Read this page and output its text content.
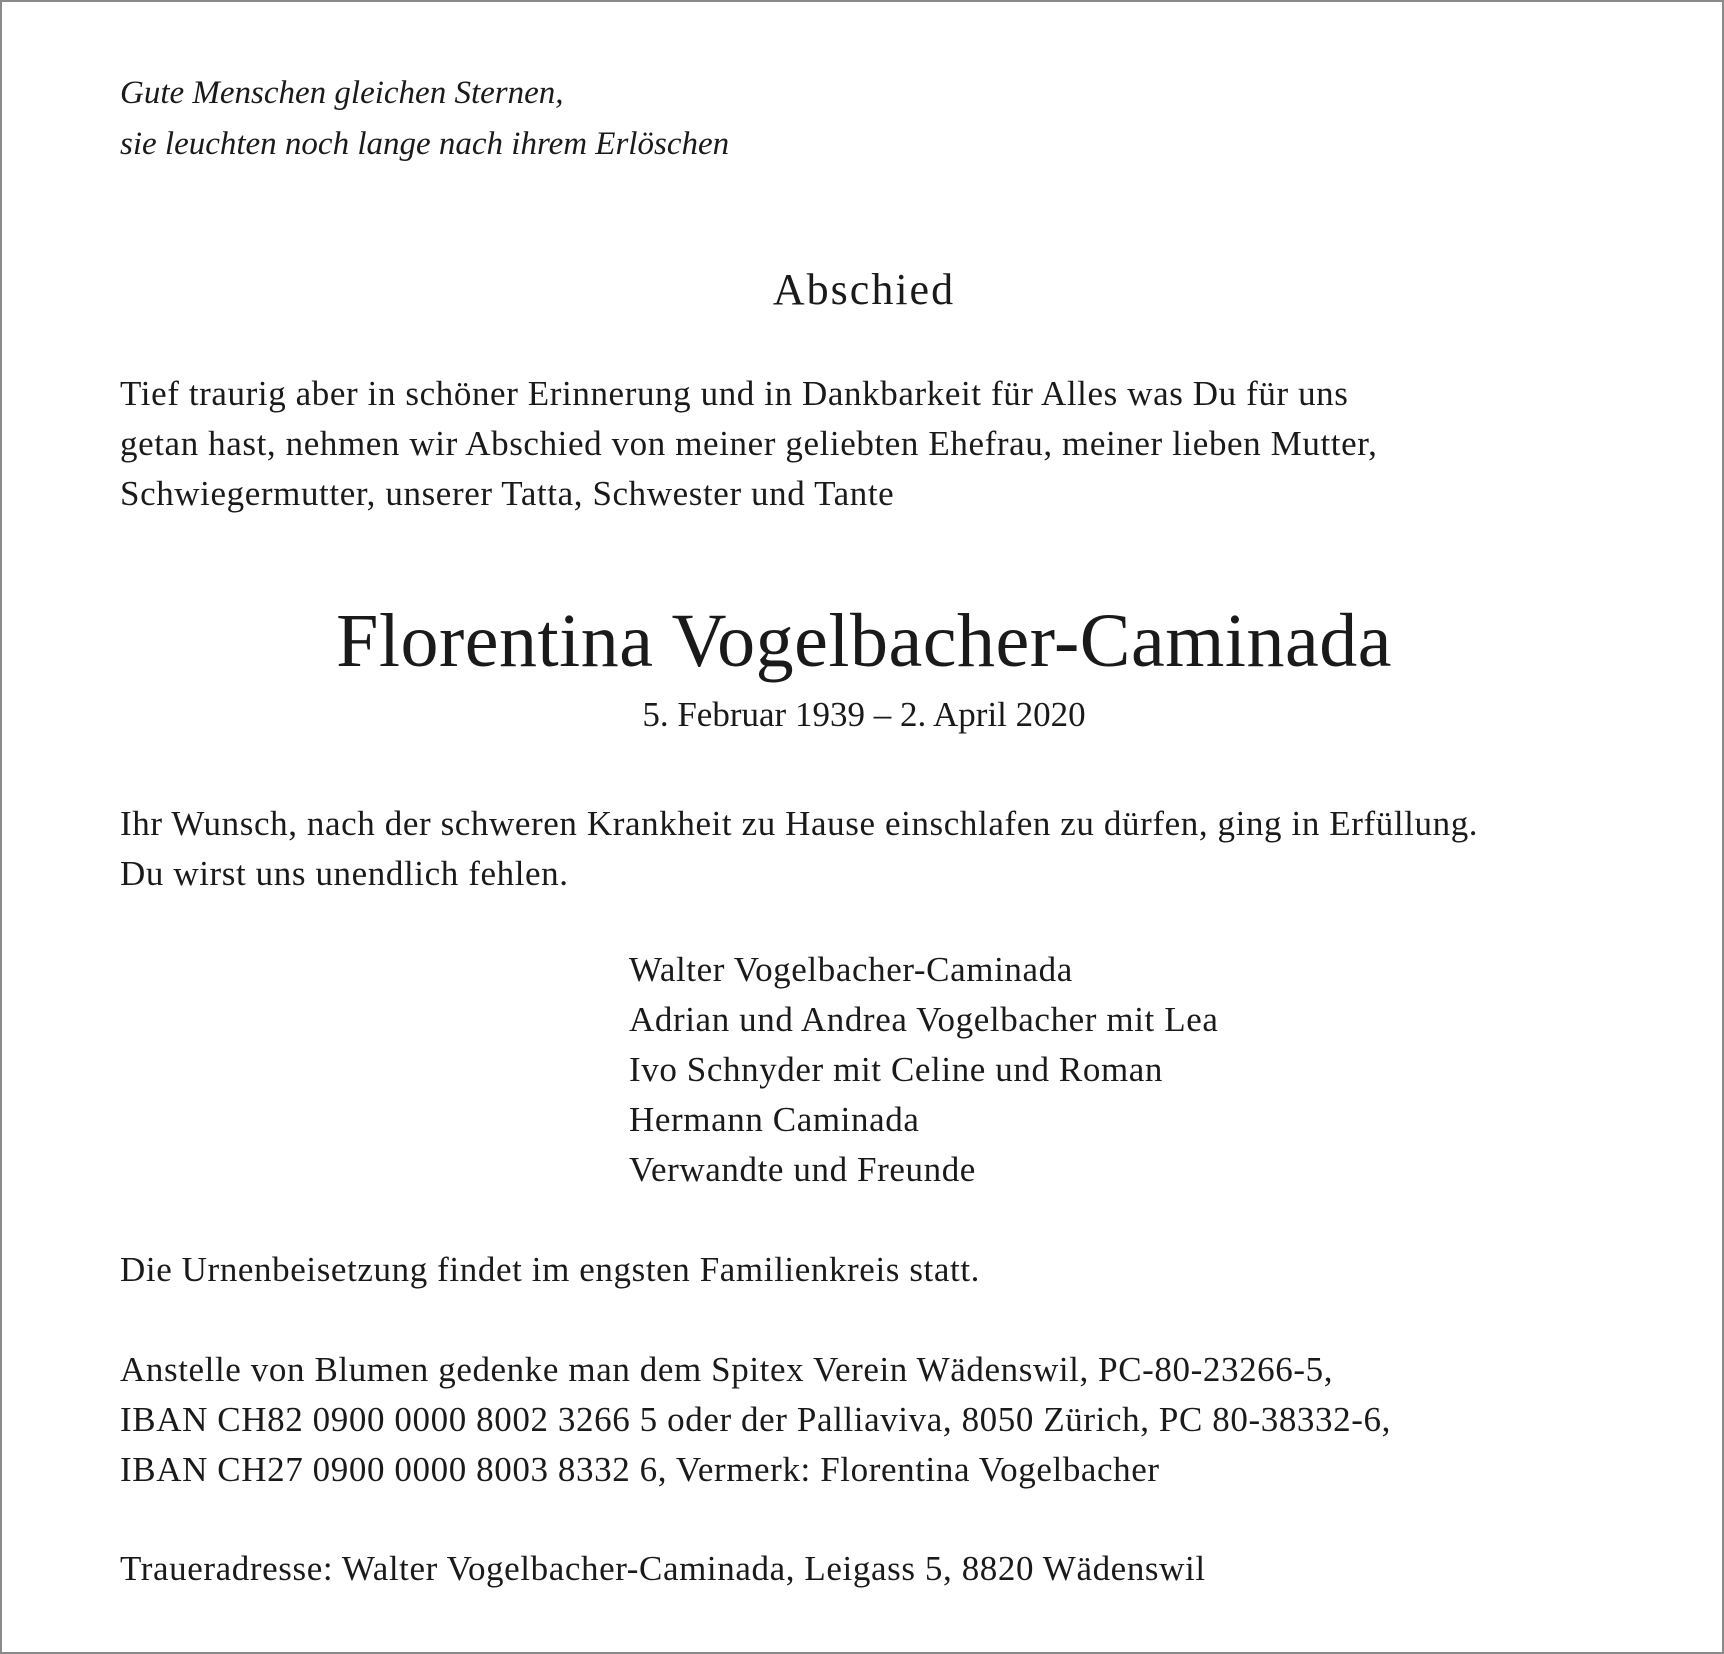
Gute Menschen gleichen Sternen,
sie leuchten noch lange nach ihrem Erlöschen

Abschied

Tief traurig aber in schöner Erinnerung und in Dankbarkeit für Alles was Du für uns
getan hast, nehmen wir Abschied von meiner geliebten Ehefrau, meiner lieben Mutter,
Schwiegermutter, unserer Tatta, Schwester und Tante

Florentina Vogelbacher-Caminada

5. Februar 1939 – 2. April 2020

Ihr Wunsch, nach der schweren Krankheit zu Hause einschlafen zu dürfen, ging in Erfüllung.
Du wirst uns unendlich fehlen.

Walter Vogelbacher-Caminada
Adrian und Andrea Vogelbacher mit Lea
Ivo Schnyder mit Celine und Roman
Hermann Caminada
Verwandte und Freunde

Die Urnenbeisetzung findet im engsten Familienkreis statt.

Anstelle von Blumen gedenke man dem Spitex Verein Wädenswil, PC-80-23266-5,
IBAN CH82 0900 0000 8002 3266 5 oder der Palliaviva, 8050 Zürich, PC 80-38332-6,
IBAN CH27 0900 0000 8003 8332 6, Vermerk: Florentina Vogelbacher

Traueradresse: Walter Vogelbacher-Caminada, Leigass 5, 8820 Wädenswil
